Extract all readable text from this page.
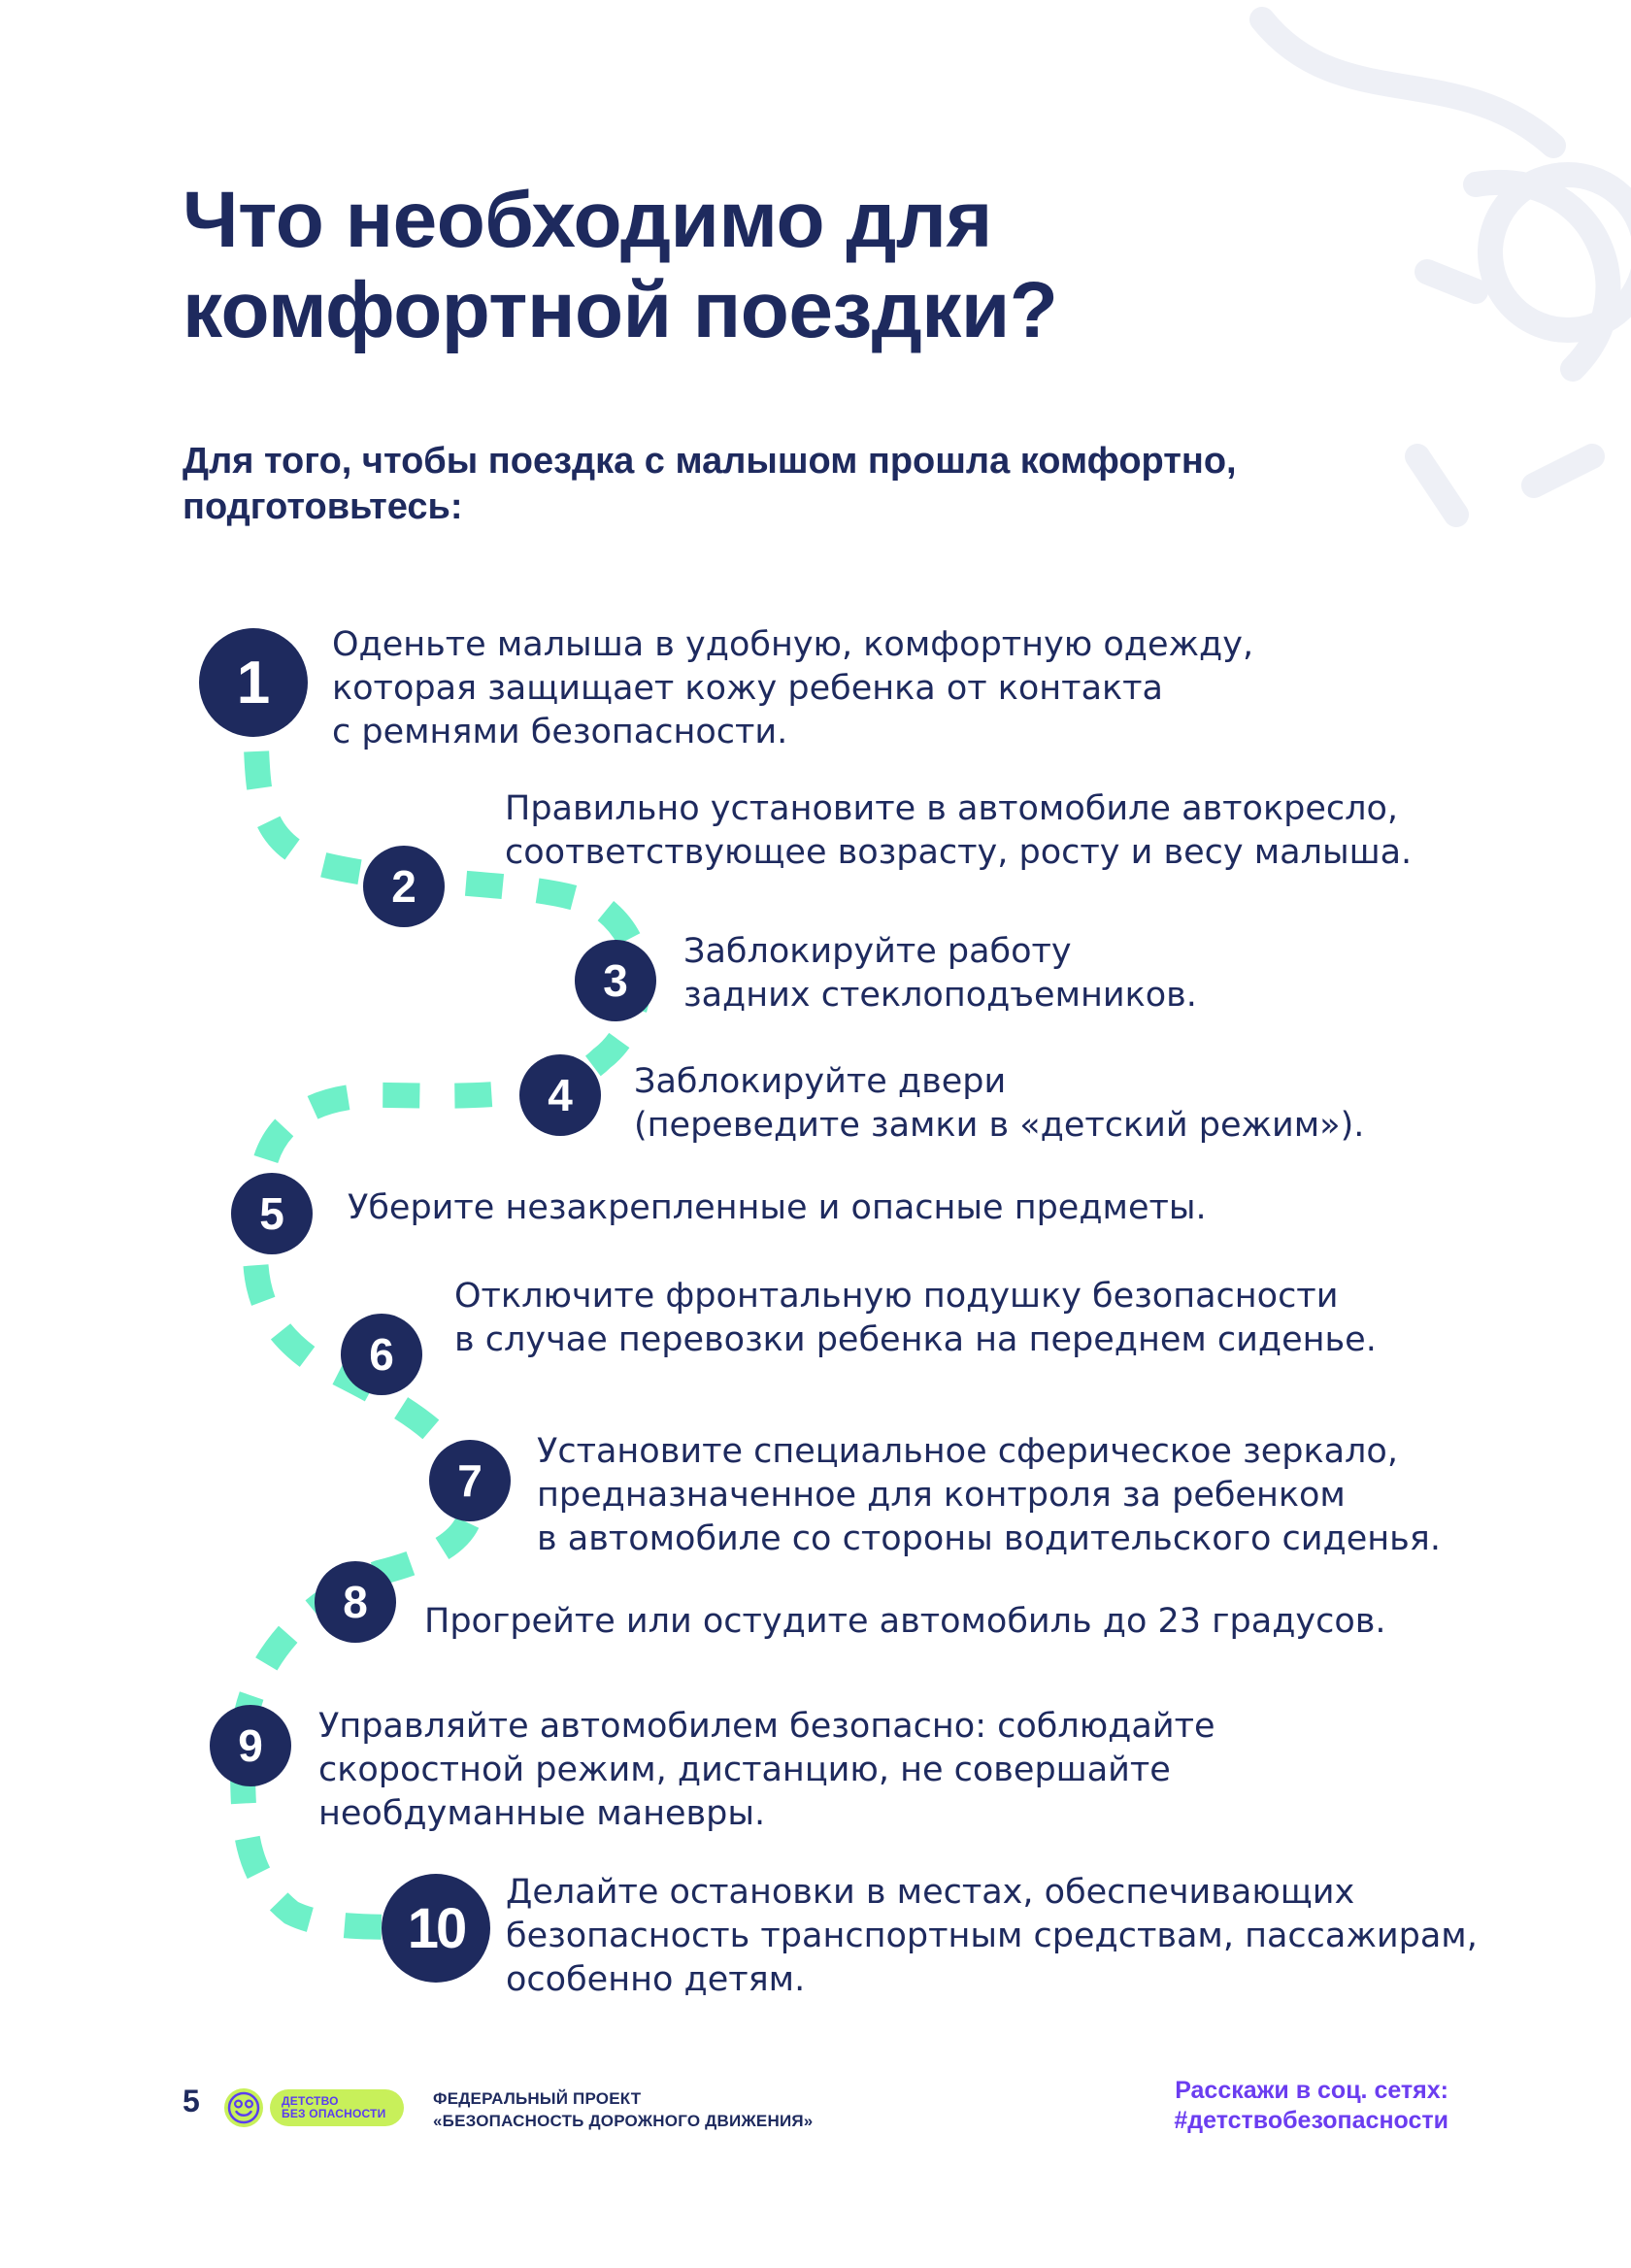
Что необходимо для
комфортной поездки?

Для того, чтобы поездка с малышом прошла комфортно,
подготовьтесь:

1

Оденьте малыша в удобную, комфортную одежду,
которая защищает кожу ребенка от контакта
с ремнями безопасности.

2

Правильно установите в автомобиле автокресло,
соответствующее возрасту, росту и весу малыша.

3

Заблокируйте работу
задних стеклоподъемников.

4 Заблокируйте двери
(переведите замки в «детский режим»).

5 Уберите незакрепленные и опасные предметы.

6

Отключите фронтальную подушку безопасности
в случае перевозки ребенка на переднем сиденье.

7

Установите специальное сферическое зеркало,
предназначенное для контроля за ребенком
в автомобиле со стороны водительского сиденья.

8 Прогрейте или остудите автомобиль до 23 градусов.

9 Управляйте автомобилем безопасно: соблюдайте
скоростной режим, дистанцию, не совершайте
необдуманные маневры.

10

Делайте остановки в местах, обеспечивающих
безопасность транспортным средствам, пассажирам,
особенно детям.

5	ДЕТСТВО
БЕЗ ОПАСНОСТИ
ФЕДЕРАЛЬНЫЙ ПРОЕКТ
«БЕЗОПАСНОСТЬ ДОРОЖНОГО ДВИЖЕНИЯ»
Расскажи в соц. сетях:
#детствобезопасности
